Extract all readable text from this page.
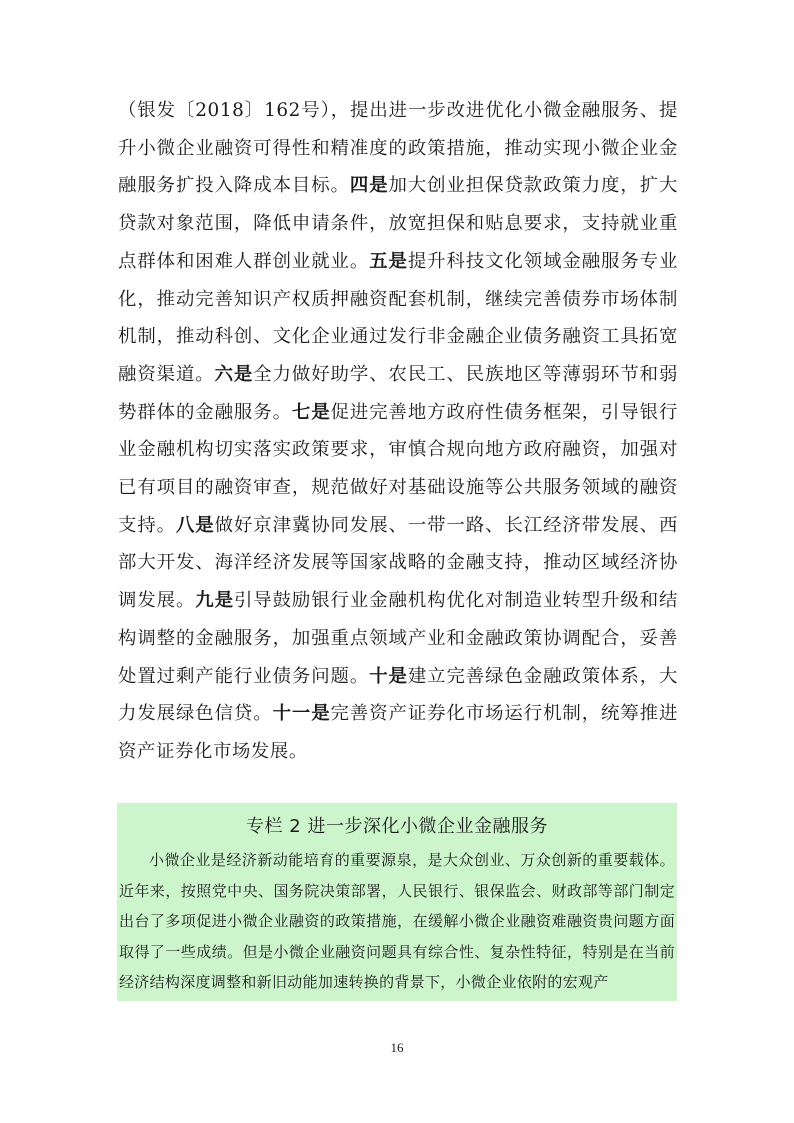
（银发〔2018〕162号），提出进一步改进优化小微金融服务、提升小微企业融资可得性和精准度的政策措施，推动实现小微企业金融服务扩投入降成本目标。四是加大创业担保贷款政策力度，扩大贷款对象范围，降低申请条件，放宽担保和贴息要求，支持就业重点群体和困难人群创业就业。五是提升科技文化领域金融服务专业化，推动完善知识产权质押融资配套机制，继续完善债券市场体制机制，推动科创、文化企业通过发行非金融企业债务融资工具拓宽融资渠道。六是全力做好助学、农民工、民族地区等薄弱环节和弱势群体的金融服务。七是促进完善地方政府性债务框架，引导银行业金融机构切实落实政策要求，审慎合规向地方政府融资，加强对已有项目的融资审查，规范做好对基础设施等公共服务领域的融资支持。八是做好京津冀协同发展、一带一路、长江经济带发展、西部大开发、海洋经济发展等国家战略的金融支持，推动区域经济协调发展。九是引导鼓励银行业金融机构优化对制造业转型升级和结构调整的金融服务，加强重点领域产业和金融政策协调配合，妥善处置过剩产能行业债务问题。十是建立完善绿色金融政策体系，大力发展绿色信贷。十一是完善资产证券化市场运行机制，统筹推进资产证券化市场发展。

专栏 2 进一步深化小微企业金融服务

小微企业是经济新动能培育的重要源泉，是大众创业、万众创新的重要载体。近年来，按照党中央、国务院决策部署，人民银行、银保监会、财政部等部门制定出台了多项促进小微企业融资的政策措施，在缓解小微企业融资难融资贵问题方面取得了一些成绩。但是小微企业融资问题具有综合性、复杂性特征，特别是在当前经济结构深度调整和新旧动能加速转换的背景下，小微企业依附的宏观产

16
